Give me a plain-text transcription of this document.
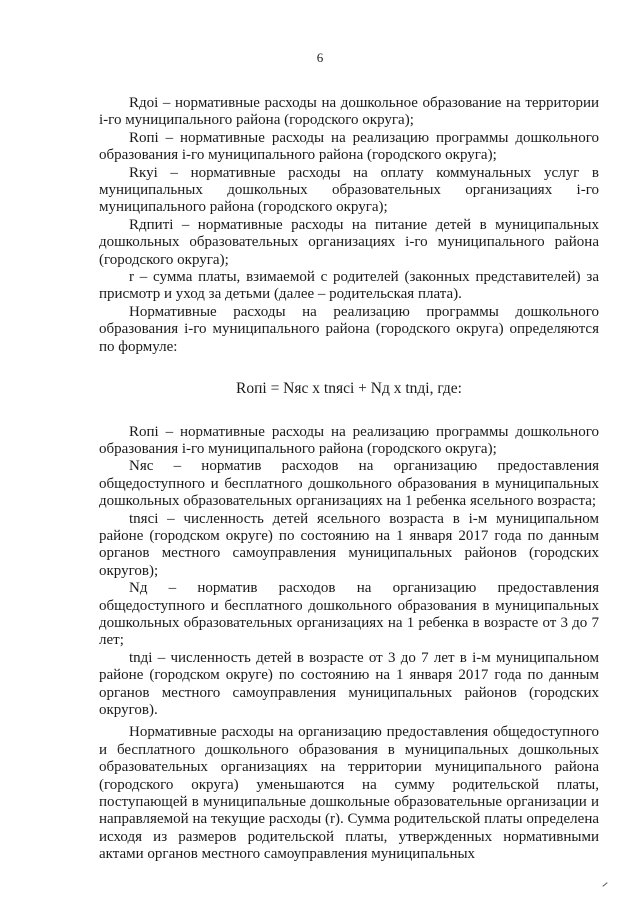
6

Rдоi – нормативные расходы на дошкольное образование на территории i-го муниципального района (городского округа);

Rопi – нормативные расходы на реализацию программы дошкольного образования i-го муниципального района (городского округа);

Rкуi – нормативные расходы на оплату коммунальных услуг в муниципальных дошкольных образовательных организациях i-го муниципального района (городского округа);

Rдпитi – нормативные расходы на питание детей в муниципальных дошкольных образовательных организациях i-го муниципального района (городского округа);

r – сумма платы, взимаемой с родителей (законных представителей) за присмотр и уход за детьми (далее – родительская плата).

Нормативные расходы на реализацию программы дошкольного образования i-го муниципального района (городского округа) определяются по формуле:

Rопi = Nяс x tnясi + Nд x tnдi, где:

Rопi – нормативные расходы на реализацию программы дошкольного образования i-го муниципального района (городского округа);

Nяс – норматив расходов на организацию предоставления общедоступного и бесплатного дошкольного образования в муниципальных дошкольных образовательных организациях на 1 ребенка ясельного возраста;

tnясi – численность детей ясельного возраста в i-м муниципальном районе (городском округе) по состоянию на 1 января 2017 года по данным органов местного самоуправления муниципальных районов (городских округов);

Nд – норматив расходов на организацию предоставления общедоступного и бесплатного дошкольного образования в муниципальных дошкольных образовательных организациях на 1 ребенка в возрасте от 3 до 7 лет;

tnдi – численность детей в возрасте от 3 до 7 лет в i-м муниципальном районе (городском округе) по состоянию на 1 января 2017 года по данным органов местного самоуправления муниципальных районов (городских округов).

Нормативные расходы на организацию предоставления общедоступного и бесплатного дошкольного образования в муниципальных дошкольных образовательных организациях на территории муниципального района (городского округа) уменьшаются на сумму родительской платы, поступающей в муниципальные дошкольные образовательные организации и направляемой на текущие расходы (r). Сумма родительской платы определена исходя из размеров родительской платы, утвержденных нормативными актами органов местного самоуправления муниципальных
